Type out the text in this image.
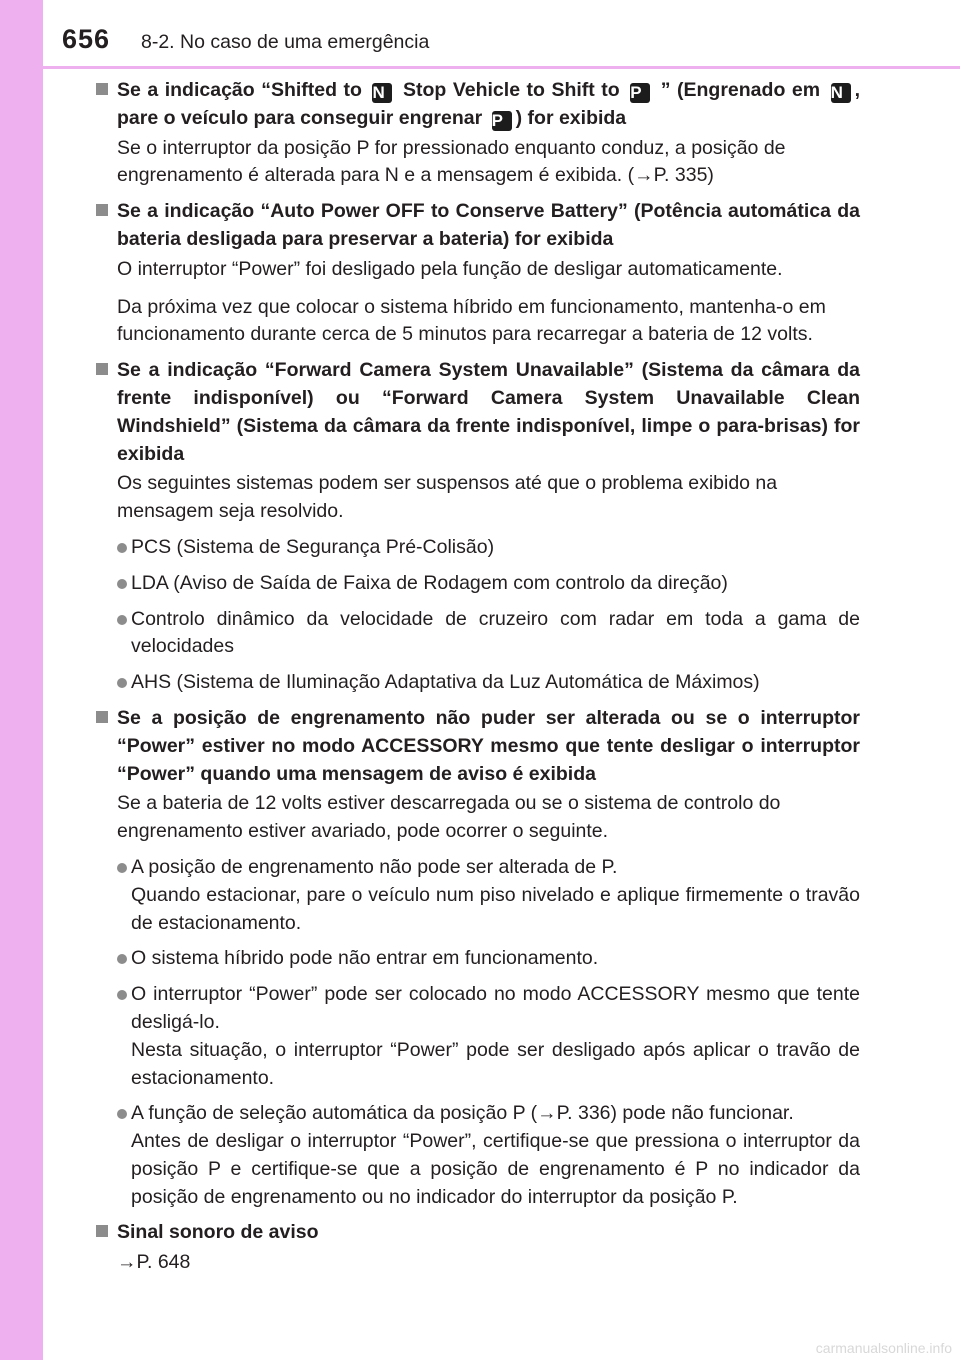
656 8-2. No caso de uma emergência
Se a indicação “Shifted to N Stop Vehicle to Shift to P ” (Engrenado em N , pare o veículo para conseguir engrenar P ) for exibida
Se o interruptor da posição P for pressionado enquanto conduz, a posição de engrenamento é alterada para N e a mensagem é exibida. (→P. 335)
Se a indicação “Auto Power OFF to Conserve Battery” (Potência automática da bateria desligada para preservar a bateria) for exibida
O interruptor “Power” foi desligado pela função de desligar automaticamente.
Da próxima vez que colocar o sistema híbrido em funcionamento, mantenha-o em funcionamento durante cerca de 5 minutos para recarregar a bateria de 12 volts.
Se a indicação “Forward Camera System Unavailable” (Sistema da câmara da frente indisponível) ou “Forward Camera System Unavailable Clean Windshield” (Sistema da câmara da frente indisponível, limpe o para-brisas) for exibida
Os seguintes sistemas podem ser suspensos até que o problema exibido na mensagem seja resolvido.
PCS (Sistema de Segurança Pré-Colisão)
LDA (Aviso de Saída de Faixa de Rodagem com controlo da direção)
Controlo dinâmico da velocidade de cruzeiro com radar em toda a gama de velocidades
AHS (Sistema de Iluminação Adaptativa da Luz Automática de Máximos)
Se a posição de engrenamento não puder ser alterada ou se o interruptor “Power” estiver no modo ACCESSORY mesmo que tente desligar o interruptor “Power” quando uma mensagem de aviso é exibida
Se a bateria de 12 volts estiver descarregada ou se o sistema de controlo do engrenamento estiver avariado, pode ocorrer o seguinte.
A posição de engrenamento não pode ser alterada de P.
Quando estacionar, pare o veículo num piso nivelado e aplique firmemente o travão de estacionamento.
O sistema híbrido pode não entrar em funcionamento.
O interruptor “Power” pode ser colocado no modo ACCESSORY mesmo que tente desligá-lo.
Nesta situação, o interruptor “Power” pode ser desligado após aplicar o travão de estacionamento.
A função de seleção automática da posição P (→P. 336) pode não funcionar.
Antes de desligar o interruptor “Power”, certifique-se que pressiona o interruptor da posição P e certifique-se que a posição de engrenamento é P no indicador da posição de engrenamento ou no indicador do interruptor da posição P.
Sinal sonoro de aviso
→P. 648
carmanualsonline.info
